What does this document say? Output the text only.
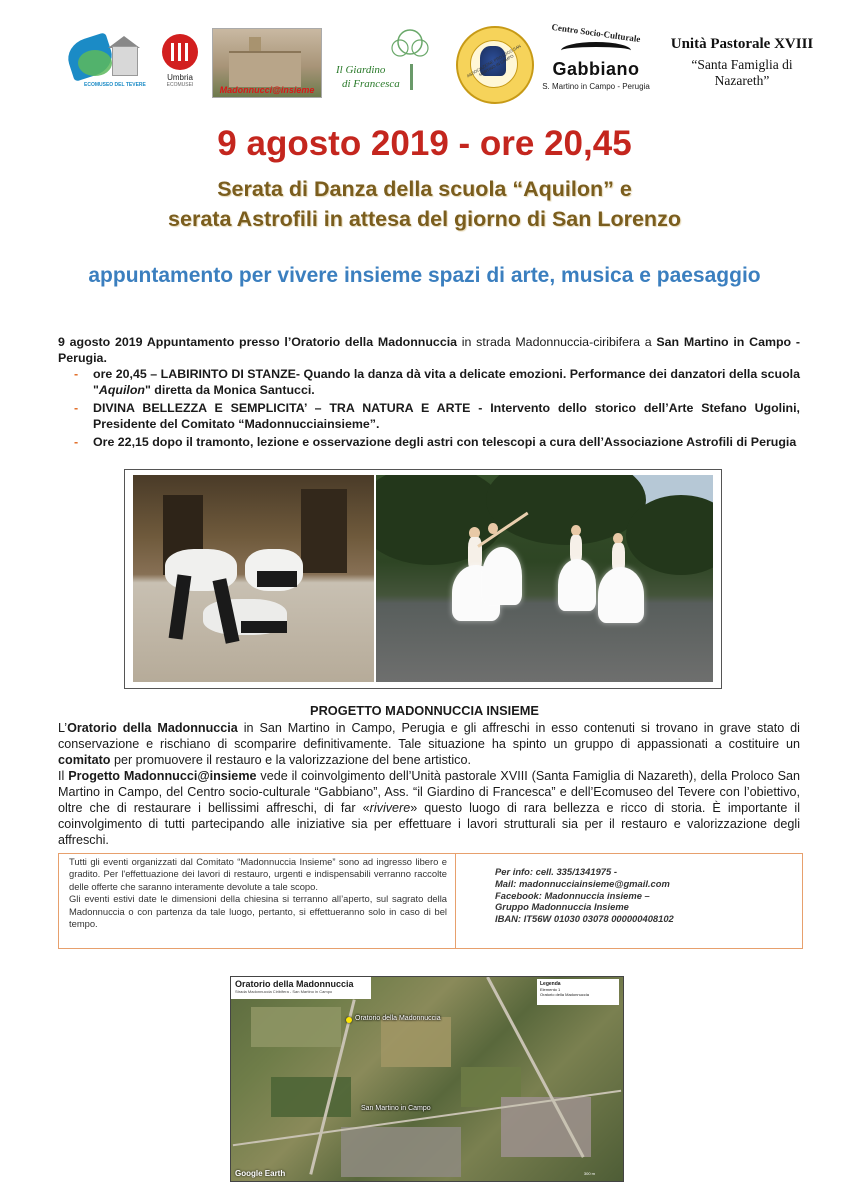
ECOMUSEO DEL TEVERE
Umbria
ECOMUSEI	Madonnucci@insieme
Il Giardino
di Francesca
ASSOCIAZIONE PRO LOCO SAN MARTINO IN CAMPO
Centro Socio-Culturale
Gabbiano
S. Martino in Campo - Perugia
Unità Pastorale XVIII
“Santa Famiglia di Nazareth”
9 agosto 2019 - ore 20,45
Serata di Danza della scuola “Aquilon” e
serata Astrofili in attesa del giorno di San Lorenzo
appuntamento per vivere insieme spazi di arte, musica e paesaggio
9 agosto 2019 Appuntamento presso l’Oratorio della Madonnuccia in strada Madonnuccia-ciribifera a San Martino in Campo - Perugia.
- ore 20,45 – LABIRINTO DI STANZE- Quando la danza dà vita a delicate emozioni. Performance dei danzatori della scuola "Aquilon" diretta da Monica Santucci.
- DIVINA BELLEZZA E SEMPLICITA’ – TRA NATURA E ARTE - Intervento dello storico dell’Arte Stefano Ugolini, Presidente del Comitato “Madonnucciainsieme”.
- Ore 22,15 dopo il tramonto, lezione e osservazione degli astri con telescopi a cura dell’Associazione Astrofili di Perugia
PROGETTO MADONNUCCIA INSIEME

L’Oratorio della Madonnuccia in San Martino in Campo, Perugia e gli affreschi in esso contenuti si trovano in grave stato di conservazione e rischiano di scomparire definitivamente. Tale situazione ha spinto un gruppo di appassionati a costituire un comitato per promuovere il restauro e la valorizzazione del bene artistico.

Il Progetto Madonnucci@insieme vede il coinvolgimento dell’Unità pastorale XVIII (Santa Famiglia di Nazareth), della Proloco San Martino in Campo, del Centro socio-culturale “Gabbiano”, Ass. “il Giardino di Francesca” e dell’Ecomuseo del Tevere con l’obiettivo, oltre che di restaurare i bellissimi affreschi, di far «rivivere» questo luogo di rara bellezza e ricco di storia. È importante il coinvolgimento di tutti partecipando alle iniziative sia per effettuare i lavori strutturali sia per il restauro e valorizzazione degli affreschi.

Tutti gli eventi organizzati dal Comitato “Madonnuccia Insieme” sono ad ingresso libero e gradito. Per l'effettuazione dei lavori di restauro, urgenti e indispensabili verranno raccolte delle offerte che saranno interamente devolute a tale scopo.

Gli eventi estivi date le dimensioni della chiesina si terranno all’aperto, sul sagrato della Madonnuccia o con partenza da tale luogo, pertanto, si effettueranno solo in caso di bel tempo.

Per info: cell. 335/1341975 -
Mail: madonnucciainsieme@gmail.com
Facebook: Madonnuccia insieme –
Gruppo Madonnuccia Insieme
IBAN: IT56W 01030 03078 000000408102
Oratorio della Madonnuccia
Strada Madonnuccia Ciribifera - San Martino in Campo
Legenda
Elemento 1
Oratorio della Madonnuccia
Oratorio della Madonnuccia
San Martino in Campo
Google Earth	300 m
